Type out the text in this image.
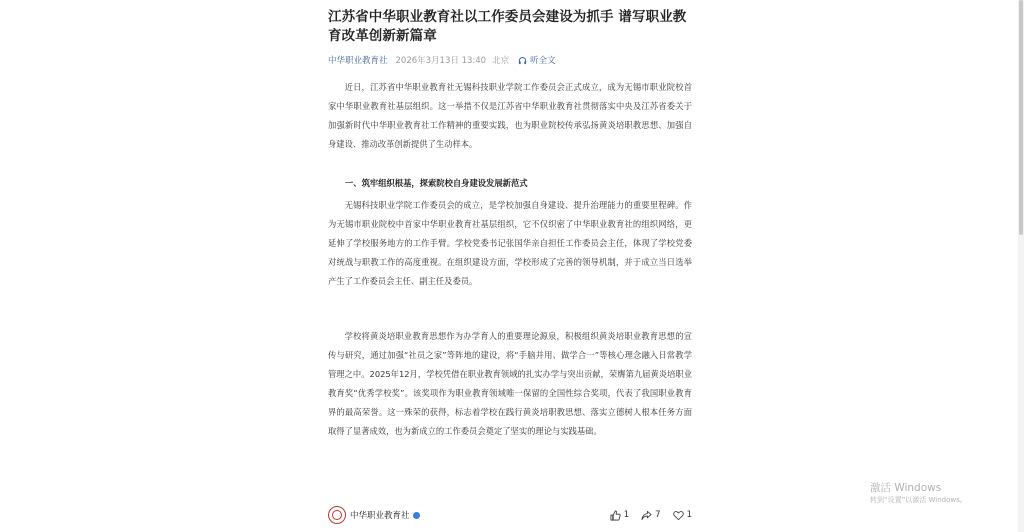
江苏省中华职业教育社以工作委员会建设为抓手 谱写职业教育改革创新新篇章
中华职业教育社 2026年3月13日 13:40 北京 听全文

近日，江苏省中华职业教育社无锡科技职业学院工作委员会正式成立，成为无锡市职业院校首家中华职业教育社基层组织。这一举措不仅是江苏省中华职业教育社贯彻落实中央及江苏省委关于加强新时代中华职业教育社工作精神的重要实践，也为职业院校传承弘扬黄炎培职教思想、加强自身建设、推动改革创新提供了生动样本。

一、筑牢组织根基，探索院校自身建设发展新范式

无锡科技职业学院工作委员会的成立，是学校加强自身建设、提升治理能力的重要里程碑。作为无锡市职业院校中首家中华职业教育社基层组织，它不仅织密了中华职业教育社的组织网络，更延伸了学校服务地方的工作手臂。学校党委书记张国华亲自担任工作委员会主任，体现了学校党委对统战与职教工作的高度重视。在组织建设方面，学校形成了完善的领导机制，并于成立当日选举产生了工作委员会主任、副主任及委员。

学校将黄炎培职业教育思想作为办学育人的重要理论源泉，积极组织黄炎培职业教育思想的宣传与研究，通过加强“社员之家”等阵地的建设，将“手脑并用、做学合一”等核心理念融入日常教学管理之中。2025年12月，学校凭借在职业教育领域的扎实办学与突出贡献，荣膺第九届黄炎培职业教育奖“优秀学校奖”。该奖项作为职业教育领域唯一保留的全国性综合奖项，代表了我国职业教育界的最高荣誉。这一殊荣的获得，标志着学校在践行黄炎培职教思想、落实立德树人根本任务方面取得了显著成效，也为新成立的工作委员会奠定了坚实的理论与实践基础。

中华职业教育社	1	7	1
激活 Windows
转到“设置”以激活 Windows。
